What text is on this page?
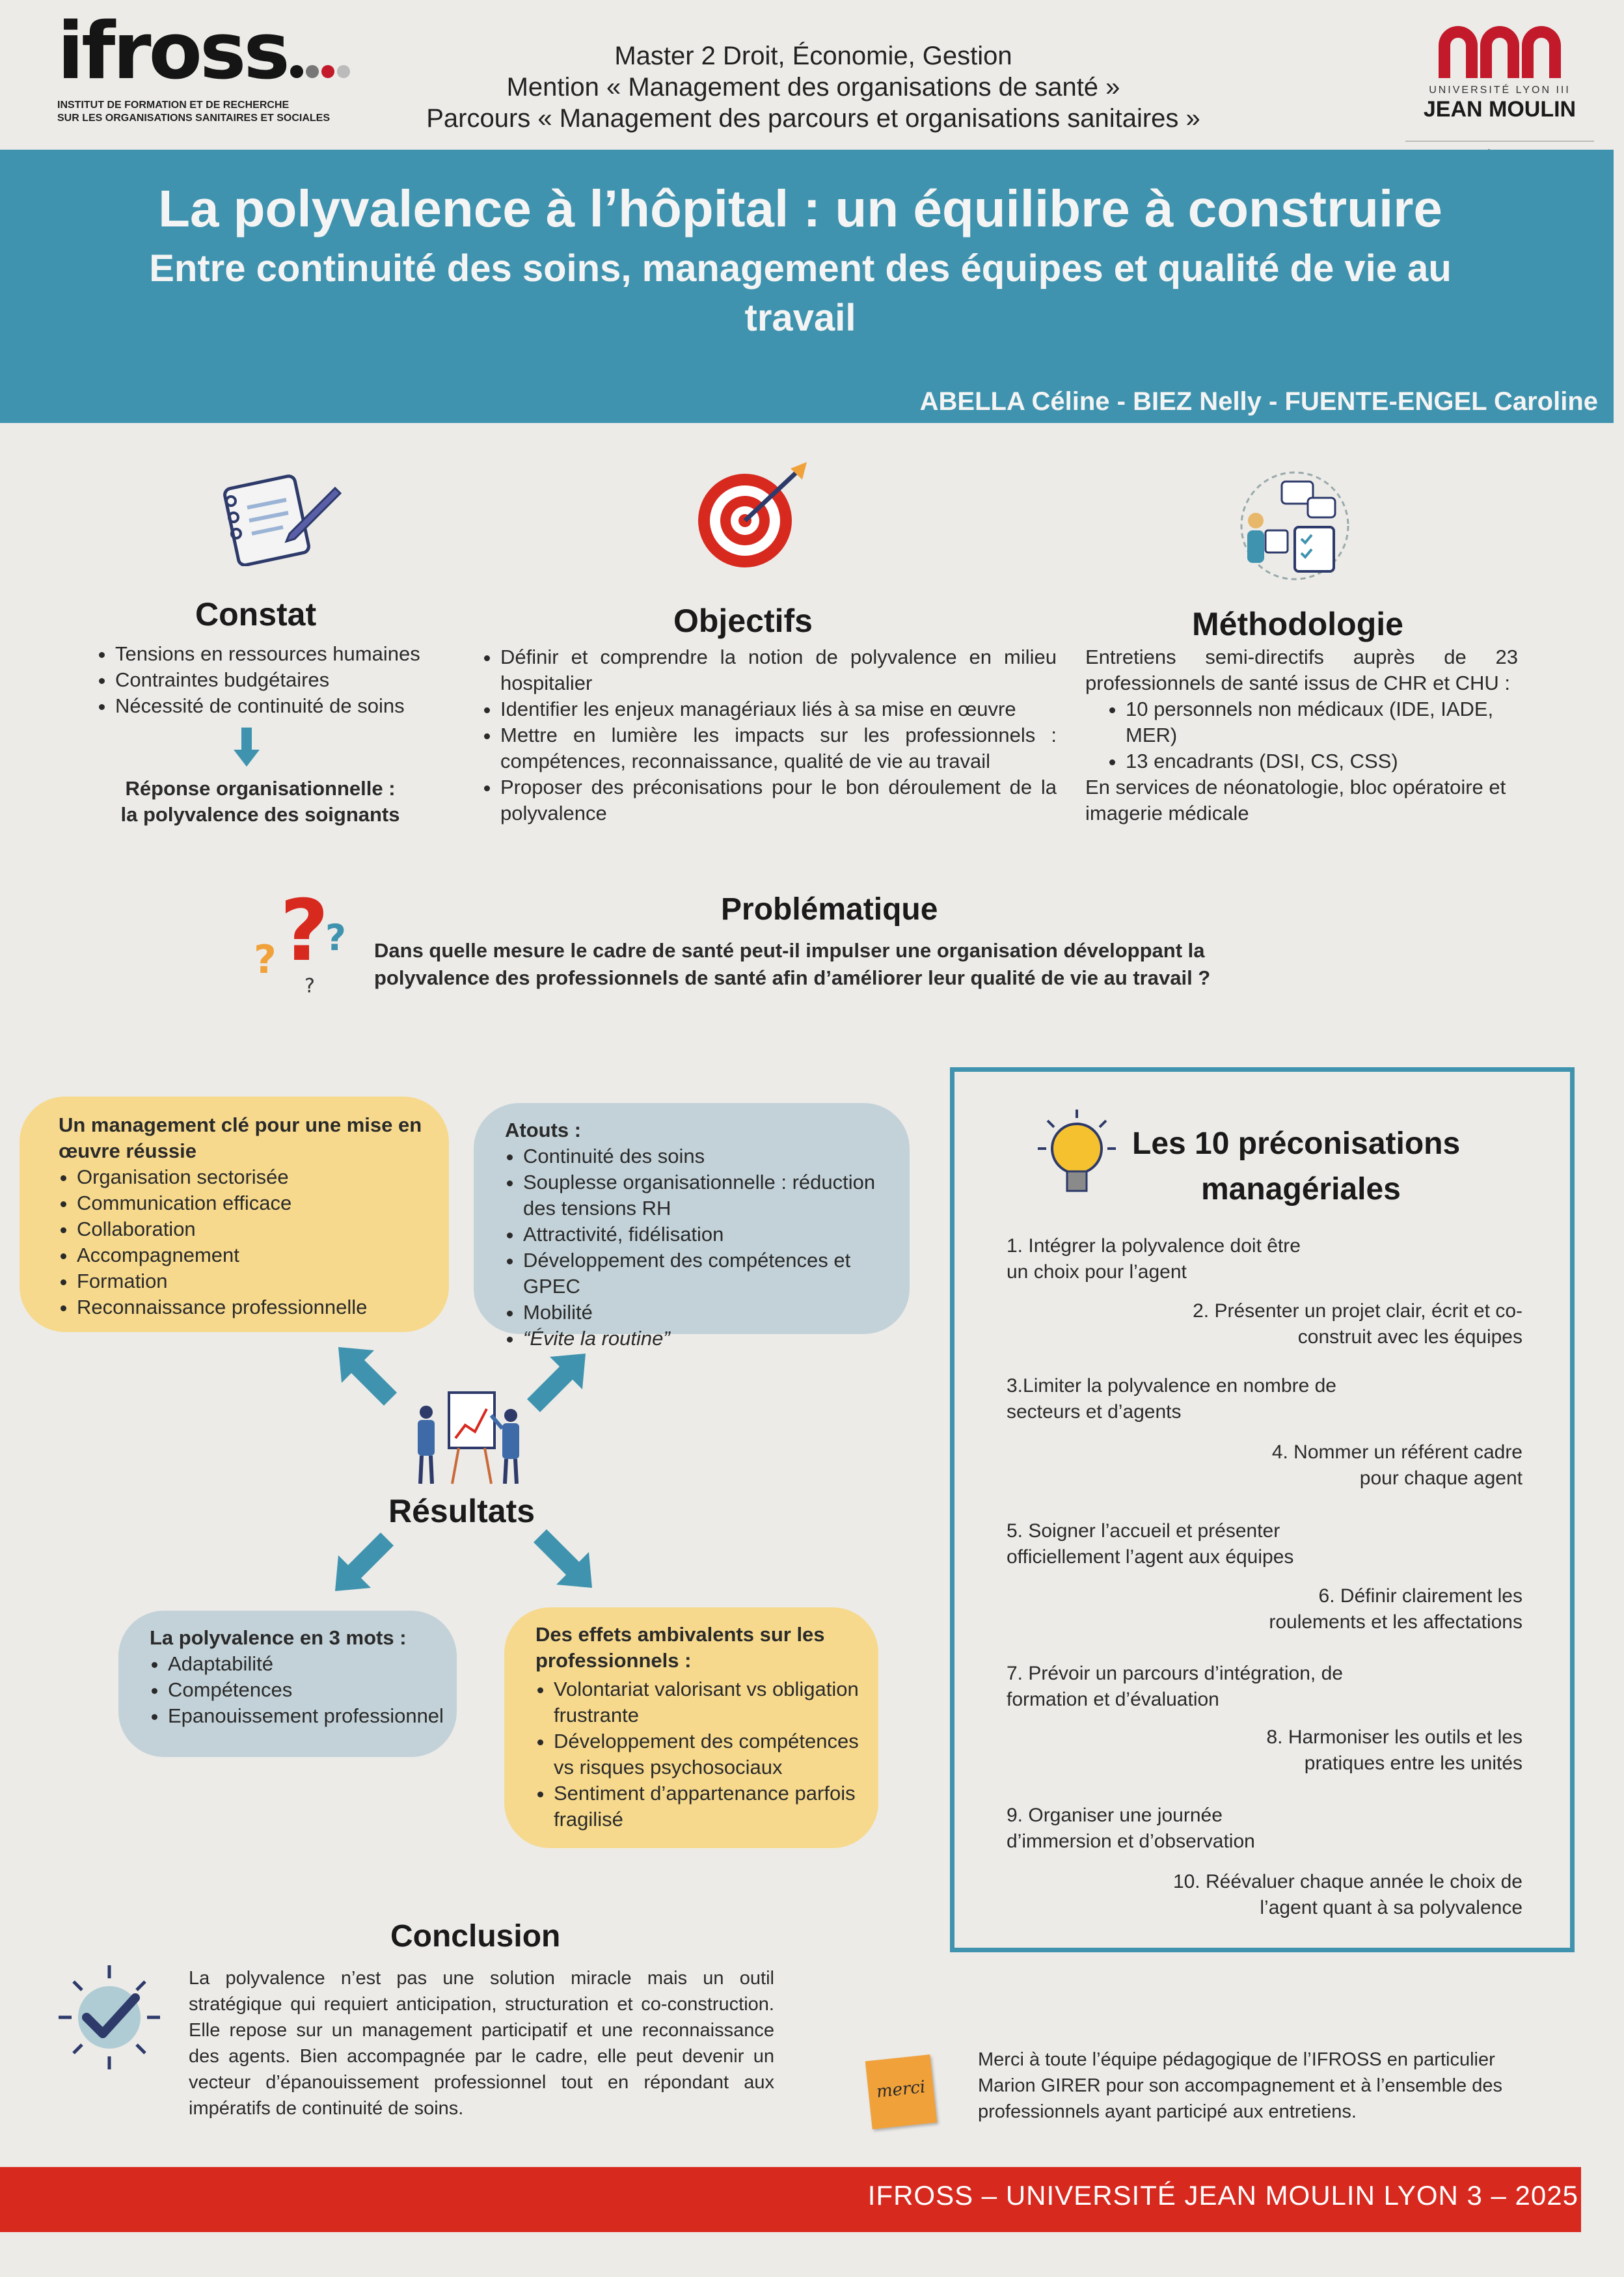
ifross
INSTITUT DE FORMATION ET DE RECHERCHE
SUR LES ORGANISATIONS SANITAIRES ET SOCIALES
Master 2 Droit, Économie, Gestion
Mention « Management des organisations de santé »
Parcours « Management des parcours et organisations sanitaires »
UNIVERSITÉ LYON III
JEAN MOULIN
La polyvalence à l’hôpital : un équilibre à construire
Entre continuité des soins, management des équipes et qualité de vie au travail
ABELLA Céline - BIEZ Nelly - FUENTE-ENGEL Caroline
Constat
• Tensions en ressources humaines
• Contraintes budgétaires
• Nécessité de continuité de soins
Réponse organisationnelle :
la polyvalence des soignants
Objectifs
• Définir et comprendre la notion de polyvalence en milieu hospitalier
• Identifier les enjeux managériaux liés à sa mise en œuvre
• Mettre en lumière les impacts sur les professionnels : compétences, reconnaissance, qualité de vie au travail
• Proposer des préconisations pour le bon déroulement de la polyvalence
Méthodologie
Entretiens semi-directifs auprès de 23 professionnels de santé issus de CHR et CHU :
• 10 personnels non médicaux (IDE, IADE, MER)
• 13 encadrants (DSI, CS, CSS)
En services de néonatologie, bloc opératoire et imagerie médicale
?
? ?
?
Problématique
Dans quelle mesure le cadre de santé peut-il impulser une organisation développant la polyvalence des professionnels de santé afin d’améliorer leur qualité de vie au travail ?
Un management clé pour une mise en œuvre réussie
• Organisation sectorisée
• Communication efficace
• Collaboration
• Accompagnement
• Formation
• Reconnaissance professionnelle
Atouts :
• Continuité des soins
• Souplesse organisationnelle : réduction des tensions RH
• Attractivité, fidélisation
• Développement des compétences et GPEC
• Mobilité
• “Évite la routine”
Résultats
La polyvalence en 3 mots :
• Adaptabilité
• Compétences
• Epanouissement professionnel
Des effets ambivalents sur les professionnels :
• Volontariat valorisant vs obligation frustrante
• Développement des compétences vs risques psychosociaux
• Sentiment d’appartenance parfois fragilisé
Les 10 préconisations
managériales
1. Intégrer la polyvalence doit être un choix pour l’agent
2. Présenter un projet clair, écrit et co-construit avec les équipes
3.Limiter la polyvalence en nombre de secteurs et d’agents
4. Nommer un référent cadre pour chaque agent
5. Soigner l’accueil et présenter officiellement l’agent aux équipes
6. Définir clairement les roulements et les affectations
7. Prévoir un parcours d’intégration, de formation et d’évaluation
8. Harmoniser les outils et les pratiques entre les unités
9. Organiser une journée d’immersion et d’observation
10. Réévaluer chaque année le choix de l’agent quant à sa polyvalence
Conclusion
La polyvalence n’est pas une solution miracle mais un outil stratégique qui requiert anticipation, structuration et co-construction. Elle repose sur un management participatif et une reconnaissance des agents. Bien accompagnée par le cadre, elle peut devenir un vecteur d’épanouissement professionnel tout en répondant aux impératifs de continuité de soins.
merci
Merci à toute l’équipe pédagogique de l’IFROSS en particulier Marion GIRER pour son accompagnement et à l’ensemble des professionnels ayant participé aux entretiens.
IFROSS – UNIVERSITÉ JEAN MOULIN LYON 3 – 2025
